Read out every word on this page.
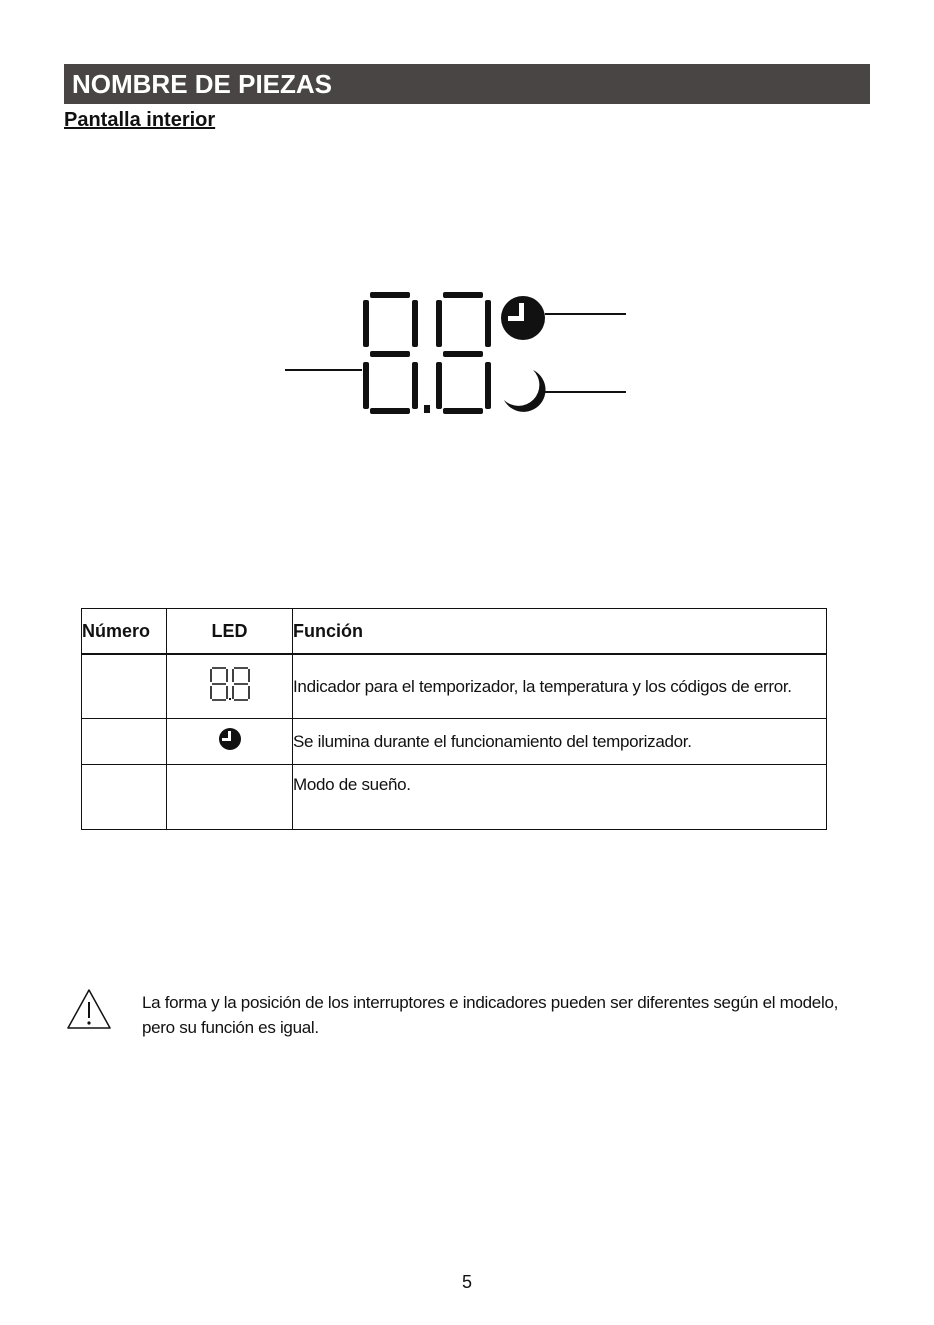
NOMBRE DE PIEZAS
Pantalla interior
Número	LED	Función
		Indicador para el temporizador, la temperatura y los códigos de error.
		Se ilumina durante el funcionamiento del temporizador.
		Modo de sueño.
La forma y la posición de los interruptores e indicadores pueden ser diferentes según el modelo, pero su función es igual.
5
